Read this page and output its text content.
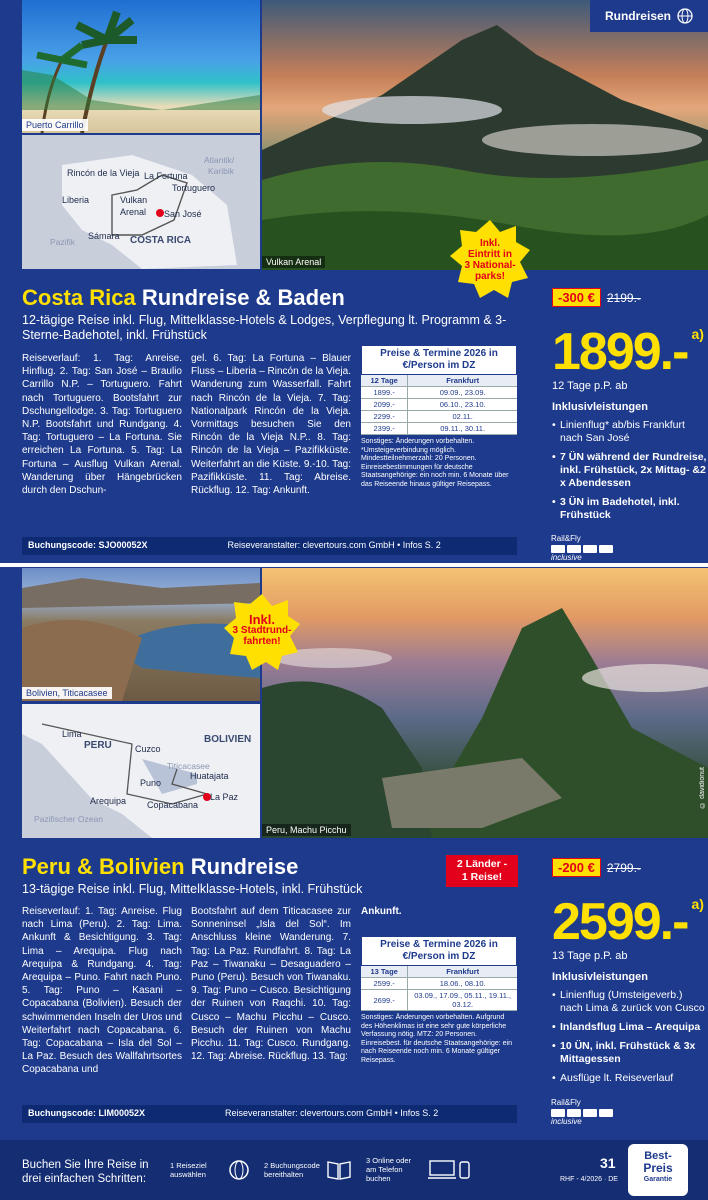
Rundreisen
Puerto Carrillo
Rincón de la Vieja La Fortuna
Tortuguero
Liberia	Vulkan
Arenal San José
Sámara COSTA RICA
Pazifik
Atlantik/
Karibik
Vulkan Arenal
Inkl.
Eintritt in
3 National-
parks!
Costa Rica Rundreise & Baden
12-tägige Reise inkl. Flug, Mittelklasse-Hotels & Lodges, Verpflegung lt. Programm & 3-Sterne-Badehotel, inkl. Frühstück
Reiseverlauf: 1. Tag: Anreise. Hinflug. 2. Tag: San José – Braulio Carrillo N.P. – Tortuguero. Fahrt nach Tortuguero. Bootsfahrt zur Dschungellodge. 3. Tag: Tortuguero N.P. Bootsfahrt und Rundgang. 4. Tag: Tortuguero – La Fortuna. Sie erreichen La Fortuna. 5. Tag: La Fortuna – Ausflug Vulkan Arenal. Wanderung über Hängebrücken durch den Dschun-
gel. 6. Tag: La Fortuna – Blauer Fluss – Liberia – Rincón de la Vieja. Wanderung zum Wasserfall. Fahrt nach Rincón de la Vieja. 7. Tag: Nationalpark Rincón de la Vieja. Vormittags besuchen Sie den Rincón de la Vieja N.P.. 8. Tag: Rincón de la Vieja – Pazifikküste. Weiterfahrt an die Küste. 9.-10. Tag: Pazifikküste. 11. Tag: Abreise. Rückflug. 12. Tag: Ankunft.
Preise & Termine 2026 in €/Person im DZ
12 Tage	Frankfurt
1899.-	09.09., 23.09.
2099.-	06.10., 23.10.
2299.-	02.11.
2399.-	09.11., 30.11.
Sonstiges: Änderungen vorbehalten. *Umsteigeverbindung möglich. Mindestteilnehmerzahl: 20 Personen. Einreisebestimmungen für deutsche Staatsangehörige: ein noch min. 6 Monate über das Reiseende hinaus gültiger Reisepass.
Buchungscode: SJO00052X	Reiseveranstalter: clevertours.com GmbH • Infos S. 2
-300 € 2199.-
1899.- $^{a)}$
12 Tage p.P. ab
Inklusivleistungen
• Linienflug* ab/bis Frankfurt nach San José
• 7 ÜN während der Rundreise, inkl. Frühstück, 2x Mittag- &2 x Abendessen
• 3 ÜN im Badehotel, inkl. Frühstück
Rail&Fly
inclusive
Bolivien, Titicacasee
Lima
PERU	Cuzco
BOLIVIEN
Titicacasee
Huatajata
Puno
Arequipa Copacabana
La Paz
Pazifischer Ozean
Peru, Machu Picchu
© davidionut
Inkl.
3 Stadtrund-
fahrten!
Peru & Bolivien Rundreise
13-tägige Reise inkl. Flug, Mittelklasse-Hotels, inkl. Frühstück
2 Länder -
1 Reise!
Reiseverlauf: 1. Tag: Anreise. Flug nach Lima (Peru). 2. Tag: Lima. Ankunft & Besichtigung. 3. Tag: Lima – Arequipa. Flug nach Arequipa & Rundgang. 4. Tag: Arequipa – Puno. Fahrt nach Puno. 5. Tag: Puno – Kasani – Copacabana (Bolivien). Besuch der schwimmenden Inseln der Uros und Weiterfahrt nach Copacabana. 6. Tag: Copacabana – Isla del Sol – La Paz. Besuch des Wallfahrtsortes Copacabana und
Bootsfahrt auf dem Titicacasee zur Sonneninsel „Isla del Sol“. Im Anschluss kleine Wanderung. 7. Tag: La Paz. Rundfahrt. 8. Tag: La Paz – Tiwanaku – Desaguadero – Puno (Peru). Besuch von Tiwanaku. 9. Tag: Puno – Cusco. Besichtigung der Ruinen von Raqchi. 10. Tag: Cusco – Machu Picchu – Cusco. Besuch der Ruinen von Machu Picchu. 11. Tag: Cusco. Rundgang. 12. Tag: Abreise. Rückflug. 13. Tag:
Ankunft.
Preise & Termine 2026 in €/Person im DZ
13 Tage	Frankfurt
2599.-	18.06., 08.10.
2699.-	03.09., 17.09., 05.11., 19.11., 03.12.
Sonstiges: Änderungen vorbehalten. Aufgrund des Höhenklimas ist eine sehr gute körperliche Verfassung nötig. MTZ: 20 Personen. Einreisebest. für deutsche Staatsangehörige: ein nach Reiseende noch min. 6 Monate gültiger Reisepass.
Buchungscode: LIM00052X	Reiseveranstalter: clevertours.com GmbH • Infos S. 2
-200 € 2799.-
2599.- $^{a)}$
13 Tage p.P. ab
Inklusivleistungen
• Linienflug (Umsteigeverb.) nach Lima & zurück von Cusco
• Inlandsflug Lima – Arequipa
• 10 ÜN, inkl. Frühstück & 3x Mittagessen
• Ausflüge lt. Reiseverlauf
Rail&Fly
inclusive
Buchen Sie Ihre Reise in drei einfachen Schritten:
1 Reiseziel auswählen
2 Buchungscode bereithalten
3 Online oder am Telefon buchen
31
RHF - 4/2026 · DE
Best-
Preis
Garantie
